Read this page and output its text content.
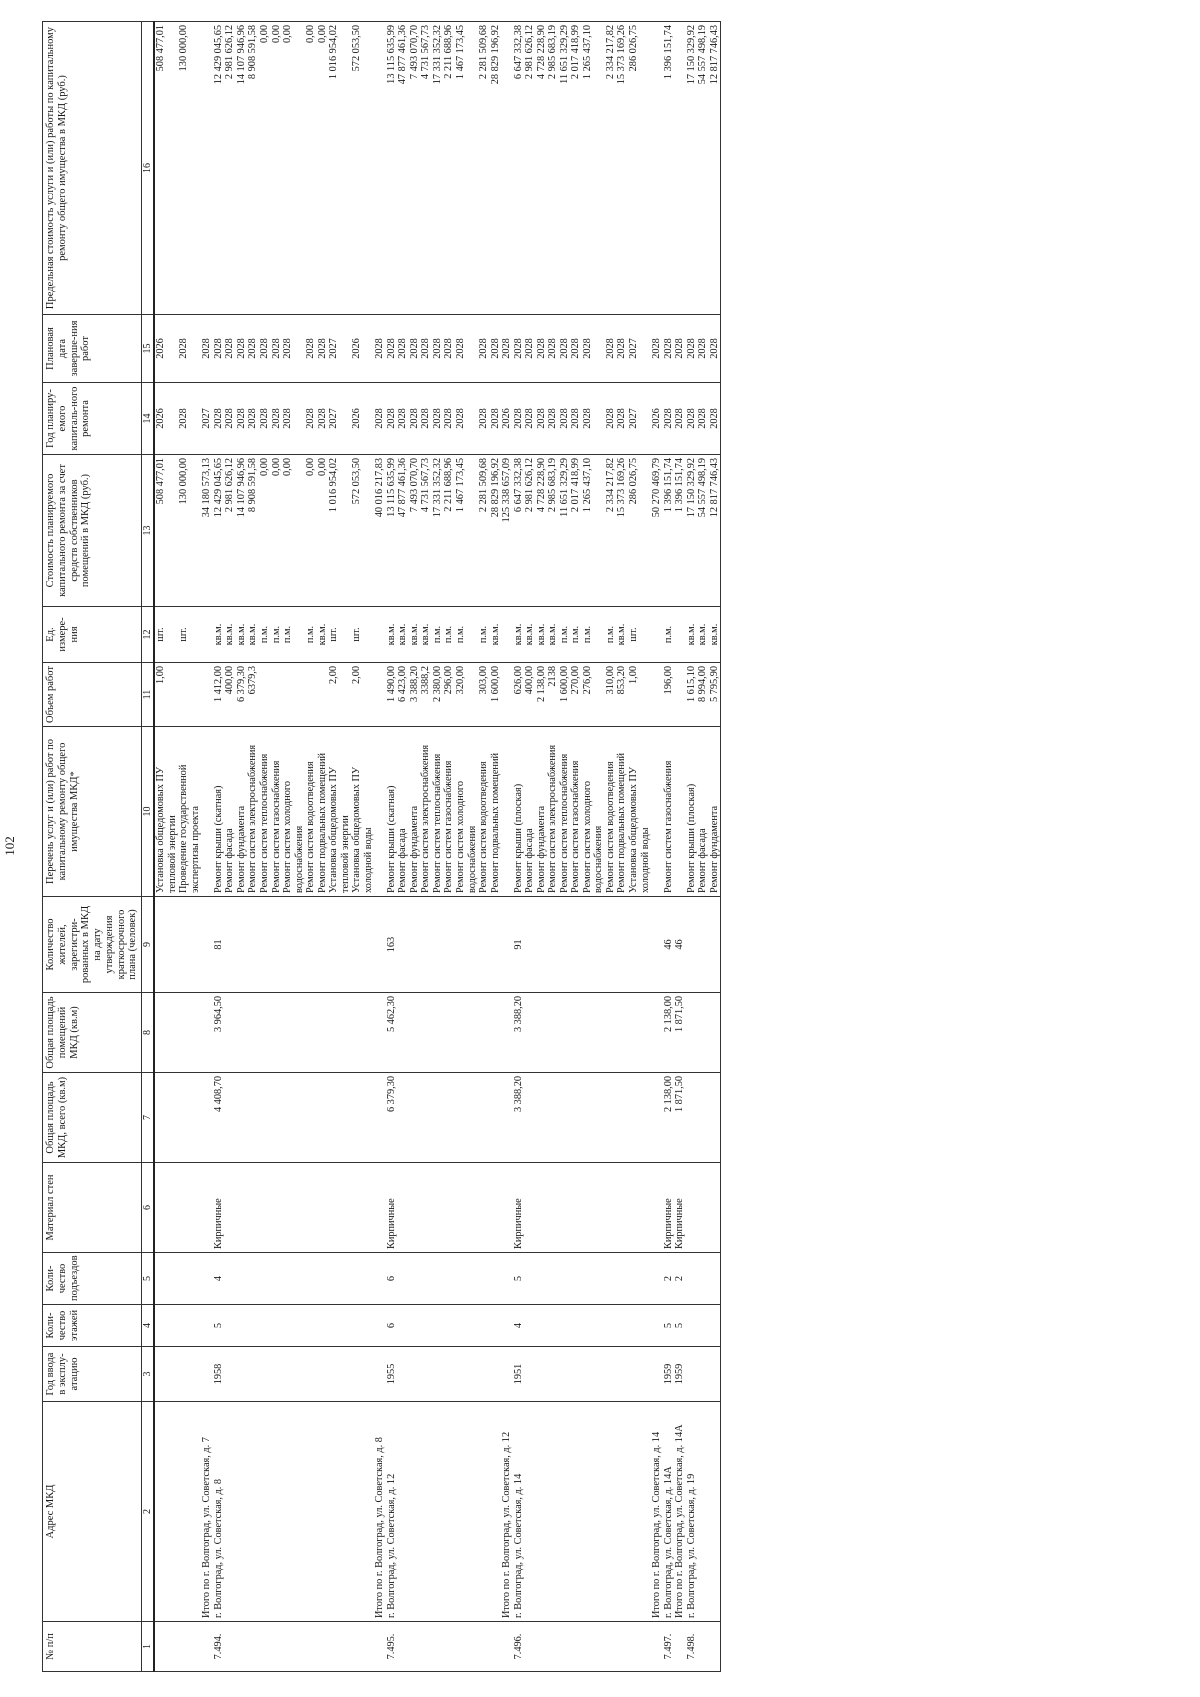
102
№ п/п	Адрес МКД	Год ввода в эксплу-атацию	Коли-чество этажей	Коли-чество подъездов	Материал стен	Общая площадь МКД, всего (кв.м)	Общая площадь помещений МКД (кв.м)	Количество жителей, зарегистри-рованных в МКД на дату утверждения краткосрочного плана (человек)	Перечень услуг и (или) работ по капитальному ремонту общего имущества МКД*	Объем работ	Ед. измере-ния	Стоимость планируемого капитального ремонта за счет средств собственников помещений в МКД (руб.)	Год планиру-емого капиталь-ного ремонта	Плановая дата заверше-ния работ	Предельная стоимость услуги и (или) работы по капитальному ремонту общего имущества в МКД (руб.)
1	2	3	4	5	6	7	8	9	10	11	12	13	14	15	16
									Установка общедомовых ПУ тепловой энергии	1,00	шт.	508 477,01	2026	2026	508 477,01
									Проведение государственной экспертизы проекта		шт.	130 000,00	2028	2028	130 000,00
	Итого по г. Волгоград, ул. Советская, д. 7											34 180 573,13	2027	2028	
7.494.	г. Волгоград, ул. Советская, д. 8	1958	5	4	Кирпичные	4 408,70	3 964,50	81	Ремонт крыши (скатная)	1 412,00	кв.м.	12 429 045,65	2028	2028	12 429 045,65
									Ремонт фасада	400,00	кв.м.	2 981 626,12	2028	2028	2 981 626,12
									Ремонт фундамента	6 379,30	кв.м.	14 107 946,96	2028	2028	14 107 946,96
									Ремонт систем электроснабжения	6379,3	кв.м.	8 908 591,58	2028	2028	8 908 591,58
									Ремонт систем теплоснабжения		п.м.	0,00	2028	2028	0,00
									Ремонт систем газоснабжения		п.м.	0,00	2028	2028	0,00
									Ремонт систем холодного водоснабжения		п.м.	0,00	2028	2028	0,00
									Ремонт систем водоотведения		п.м.	0,00	2028	2028	0,00
									Ремонт подвальных помещений		кв.м.	0,00	2028	2028	0,00
									Установка общедомовых ПУ тепловой энергии	2,00	шт.	1 016 954,02	2027	2027	1 016 954,02
									Установка общедомовых ПУ холодной воды	2,00	шт.	572 053,50	2026	2026	572 053,50
	Итого по г. Волгоград, ул. Советская, д. 8											40 016 217,83	2028	2028	
7.495.	г. Волгоград, ул. Советская, д. 12	1955	6	6	Кирпичные	6 379,30	5 462,30	163	Ремонт крыши (скатная)	1 490,00	кв.м.	13 115 635,99	2028	2028	13 115 635,99
									Ремонт фасада	6 423,00	кв.м.	47 877 461,36	2028	2028	47 877 461,36
									Ремонт фундамента	3 388,20	кв.м.	7 493 070,70	2028	2028	7 493 070,70
									Ремонт систем электроснабжения	3388,2	кв.м.	4 731 567,73	2028	2028	4 731 567,73
									Ремонт систем теплоснабжения	2 380,00	п.м.	17 331 352,32	2028	2028	17 331 352,32
									Ремонт систем газоснабжения	296,00	п.м.	2 211 688,96	2028	2028	2 211 688,96
									Ремонт систем холодного водоснабжения	320,00	п.м.	1 467 173,45	2028	2028	1 467 173,45
									Ремонт систем водоотведения	303,00	п.м.	2 281 509,68	2028	2028	2 281 509,68
									Ремонт подвальных помещений	1 600,00	кв.м.	28 829 196,92	2028	2028	28 829 196,92
	Итого по г. Волгоград, ул. Советская, д. 12											125 338 657,09	2026	2028	
7.496.	г. Волгоград, ул. Советская, д. 14	1951	4	5	Кирпичные	3 388,20	3 388,20	91	Ремонт крыши (плоская)	626,00	кв.м.	6 647 332,38	2028	2028	6 647 332,38
									Ремонт фасада	400,00	кв.м.	2 981 626,12	2028	2028	2 981 626,12
									Ремонт фундамента	2 138,00	кв.м.	4 728 228,90	2028	2028	4 728 228,90
									Ремонт систем электроснабжения	2138	кв.м.	2 985 683,19	2028	2028	2 985 683,19
									Ремонт систем теплоснабжения	1 600,00	п.м.	11 651 329,29	2028	2028	11 651 329,29
									Ремонт систем газоснабжения	270,00	п.м.	2 017 418,99	2028	2028	2 017 418,99
									Ремонт систем холодного водоснабжения	276,00	п.м.	1 265 437,10	2028	2028	1 265 437,10
									Ремонт систем водоотведения	310,00	п.м.	2 334 217,82	2028	2028	2 334 217,82
									Ремонт подвальных помещений	853,20	кв.м.	15 373 169,26	2028	2028	15 373 169,26
									Установка общедомовых ПУ холодной воды	1,00	шт.	286 026,75	2027	2027	286 026,75
	Итого по г. Волгоград, ул. Советская, д. 14											50 270 469,79	2026	2028	
7.497.	г. Волгоград, ул. Советская, д. 14А	1959	5	2	Кирпичные	2 138,00	2 138,00	46	Ремонт систем газоснабжения	196,00	п.м.	1 396 151,74	2028	2028	1 396 151,74
	Итого по г. Волгоград, ул. Советская, д. 14А	1959	5	2	Кирпичные	1 871,50	1 871,50	46				1 396 151,74	2028	2028	
7.498.	г. Волгоград, ул. Советская, д. 19								Ремонт крыши (плоская)	1 615,10	кв.м.	17 150 329,92	2028	2028	17 150 329,92
									Ремонт фасада	8 994,00	кв.м.	54 557 498,19	2028	2028	54 557 498,19
									Ремонт фундамента	5 795,90	кв.м.	12 817 746,43	2028	2028	12 817 746,43
